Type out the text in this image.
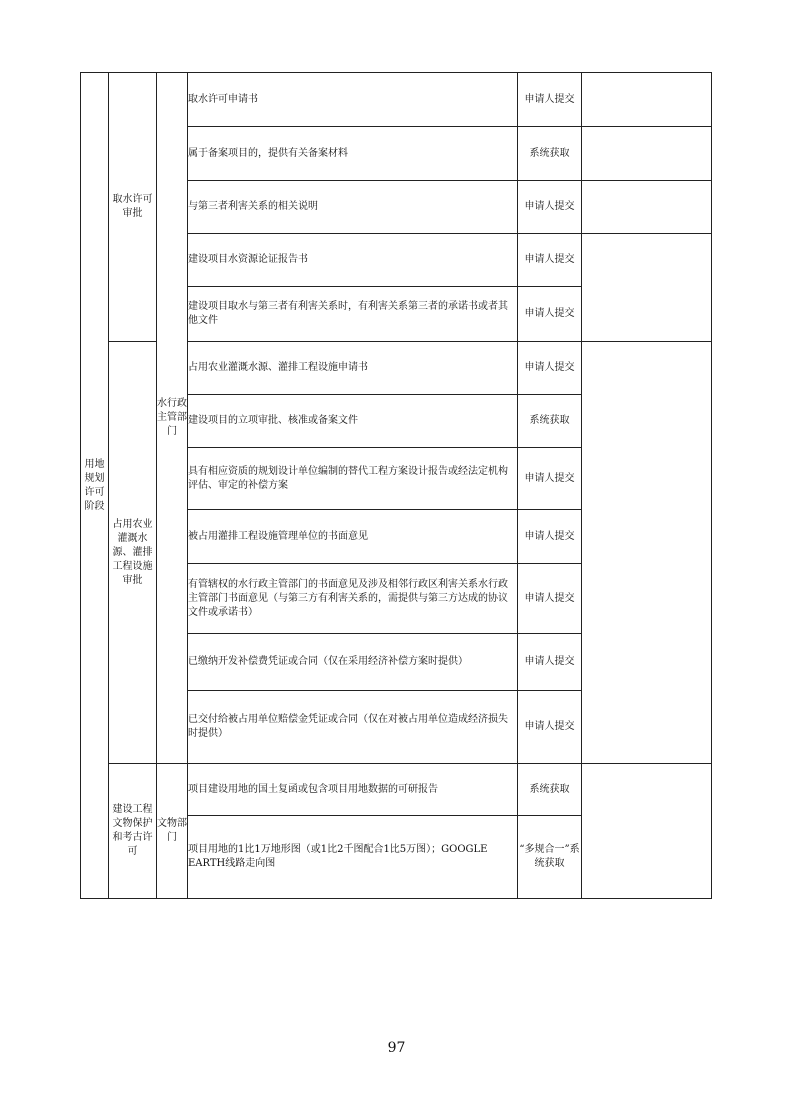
用地规划许可阶段	取水许可审批	水行政主管部门	取水许可申请书	申请人提交	
			属于备案项目的，提供有关备案材料	系统获取	
			与第三者利害关系的相关说明	申请人提交	
			建设项目水资源论证报告书	申请人提交	
			建设项目取水与第三者有利害关系时，有利害关系第三者的承诺书或者其他文件	申请人提交	
	占用农业灌溉水源、灌排工程设施审批		占用农业灌溉水源、灌排工程设施申请书	申请人提交	
			建设项目的立项审批、核准或备案文件	系统获取	
			具有相应资质的规划设计单位编制的替代工程方案设计报告或经法定机构评估、审定的补偿方案	申请人提交	
			被占用灌排工程设施管理单位的书面意见	申请人提交	
			有管辖权的水行政主管部门的书面意见及涉及相邻行政区利害关系水行政主管部门书面意见（与第三方有利害关系的，需提供与第三方达成的协议文件或承诺书）	申请人提交	
			已缴纳开发补偿费凭证或合同（仅在采用经济补偿方案时提供）	申请人提交	
			已交付给被占用单位赔偿金凭证或合同（仅在对被占用单位造成经济损失时提供）	申请人提交	
	建设工程文物保护和考古许可	文物部门	项目建设用地的国土复函或包含项目用地数据的可研报告	系统获取	
			项目用地的1比1万地形图（或1比2千图配合1比5万图）；GOOGLE EARTH线路走向图	“多规合一”系统获取	
97
